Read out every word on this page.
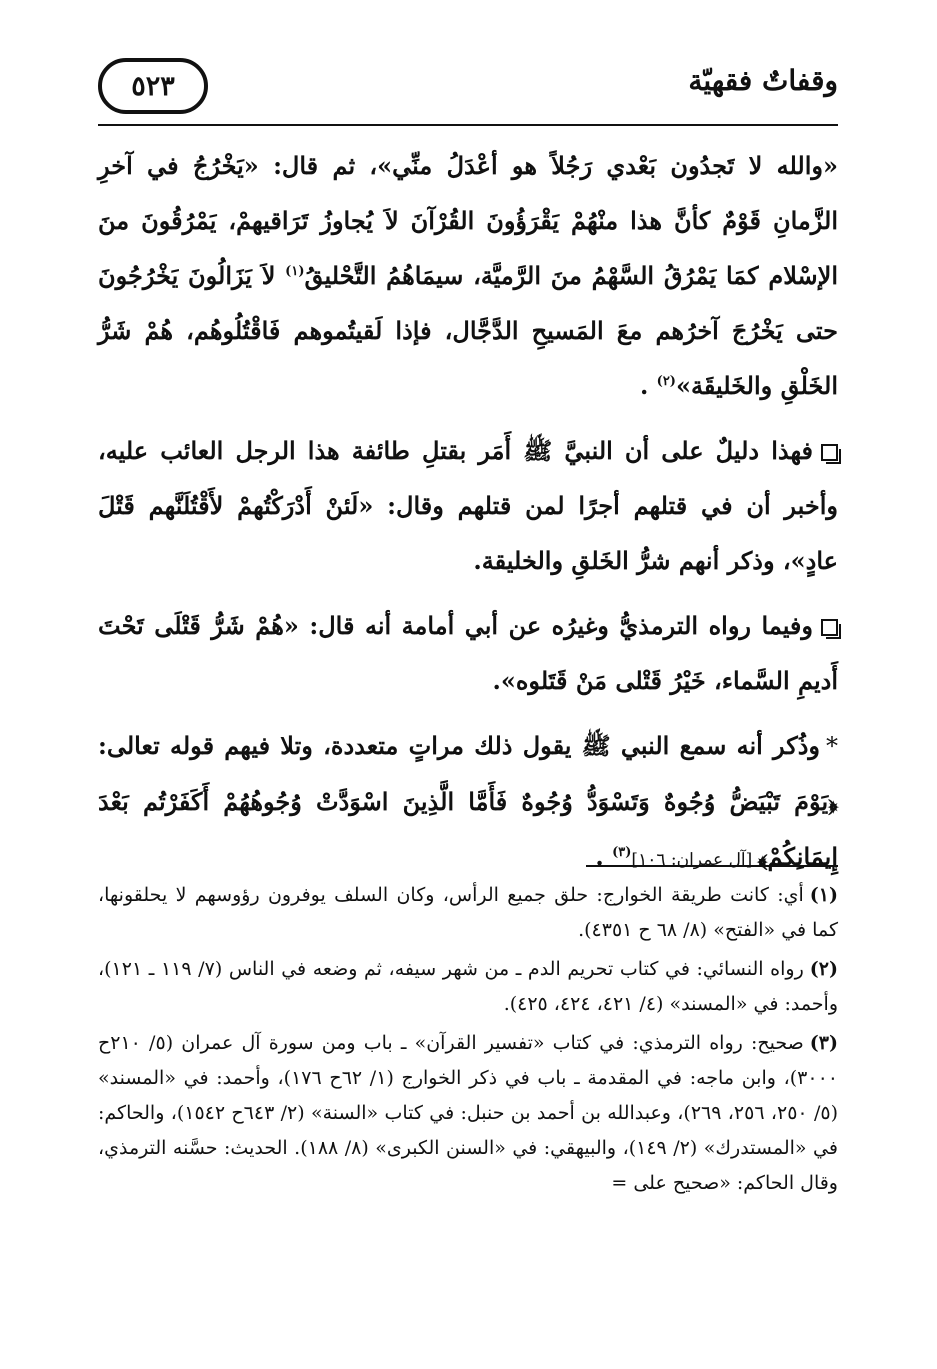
وقفاتٌ فقهيّة
٥٢٣

«والله لا تَجدُون بَعْدي رَجُلاً هو أعْدَلُ منِّي»، ثم قال: «يَخْرُجُ في آخرِ الزَّمانِ قَوْمٌ كأنَّ هذا منْهُمْ يَقْرَؤُونَ القُرْآنَ لاَ يُجاوزُ تَرَاقيهمْ، يَمْرُقُونَ منَ الإسْلام كمَا يَمْرُقُ السَّهْمُ منَ الرَّميَّة، سيمَاهُمُ التَّحْليقُ$^{(١)}$ لاَ يَزَالُونَ يَخْرُجُونَ حتى يَخْرُجَ آخرُهم معَ المَسيحِ الدَّجَّال، فإذا لَقيتُموهم فَاقْتُلُوهُم، هُمْ شَرُّ الخَلْقِ والخَليقَة»$^{(٢)}$ .

فهذا دليلٌ على أن النبيَّ ﷺ أَمَر بقتلِ طائفة هذا الرجل العائب عليه، وأخبر أن في قتلهم أجرًا لمن قتلهم وقال: «لَئنْ أَدْرَكْتُهمْ لأَقْتُلَنَّهم قَتْلَ عادٍ»، وذكر أنهم شرُّ الخَلقِ والخليقة.

وفيما رواه الترمذيُّ وغيرُه عن أبي أمامة أنه قال: «هُمْ شَرُّ قَتْلَى تَحْتَ أَديمِ السَّماء، خَيْرُ قَتْلى مَنْ قَتَلوه».

*وذُكر أنه سمع النبي ﷺ يقول ذلك مراتٍ متعددة، وتلا فيهم قوله تعالى: ﴿يَوْمَ تَبْيَضُّ وُجُوهٌ وَتَسْوَدُّ وُجُوهٌ فَأَمَّا الَّذِينَ اسْوَدَّتْ وُجُوهُهُمْ أَكَفَرْتُم بَعْدَ إِيمَانِكُمْ﴾ [آل عمران: ١٠٦]$^{(٣)}$ .

(١)أي: كانت طريقة الخوارج: حلق جميع الرأس، وكان السلف يوفرون رؤوسهم لا يحلقونها، كما في «الفتح» (٨/ ٦٨ ح ٤٣٥١).

(٢)رواه النسائي: في كتاب تحريم الدم ـ من شهر سيفه، ثم وضعه في الناس (٧/ ١١٩ ـ ١٢١)، وأحمد: في «المسند» (٤/ ٤٢١، ٤٢٤، ٤٢٥).

(٣)صحيح: رواه الترمذي: في كتاب «تفسير القرآن» ـ باب ومن سورة آل عمران (٥/ ٢١٠ح ٣٠٠٠)، وابن ماجه: في المقدمة ـ باب في ذكر الخوارج (١/ ٦٢ح ١٧٦)، وأحمد: في «المسند» (٥/ ٢٥٠، ٢٥٦، ٢٦٩)، وعبدالله بن أحمد بن حنبل: في كتاب «السنة» (٢/ ٦٤٣ح ١٥٤٢)، والحاكم: في «المستدرك» (٢/ ١٤٩)، والبيهقي: في «السنن الكبرى» (٨/ ١٨٨). الحديث: حسَّنه الترمذي، وقال الحاكم: «صحيح على =
